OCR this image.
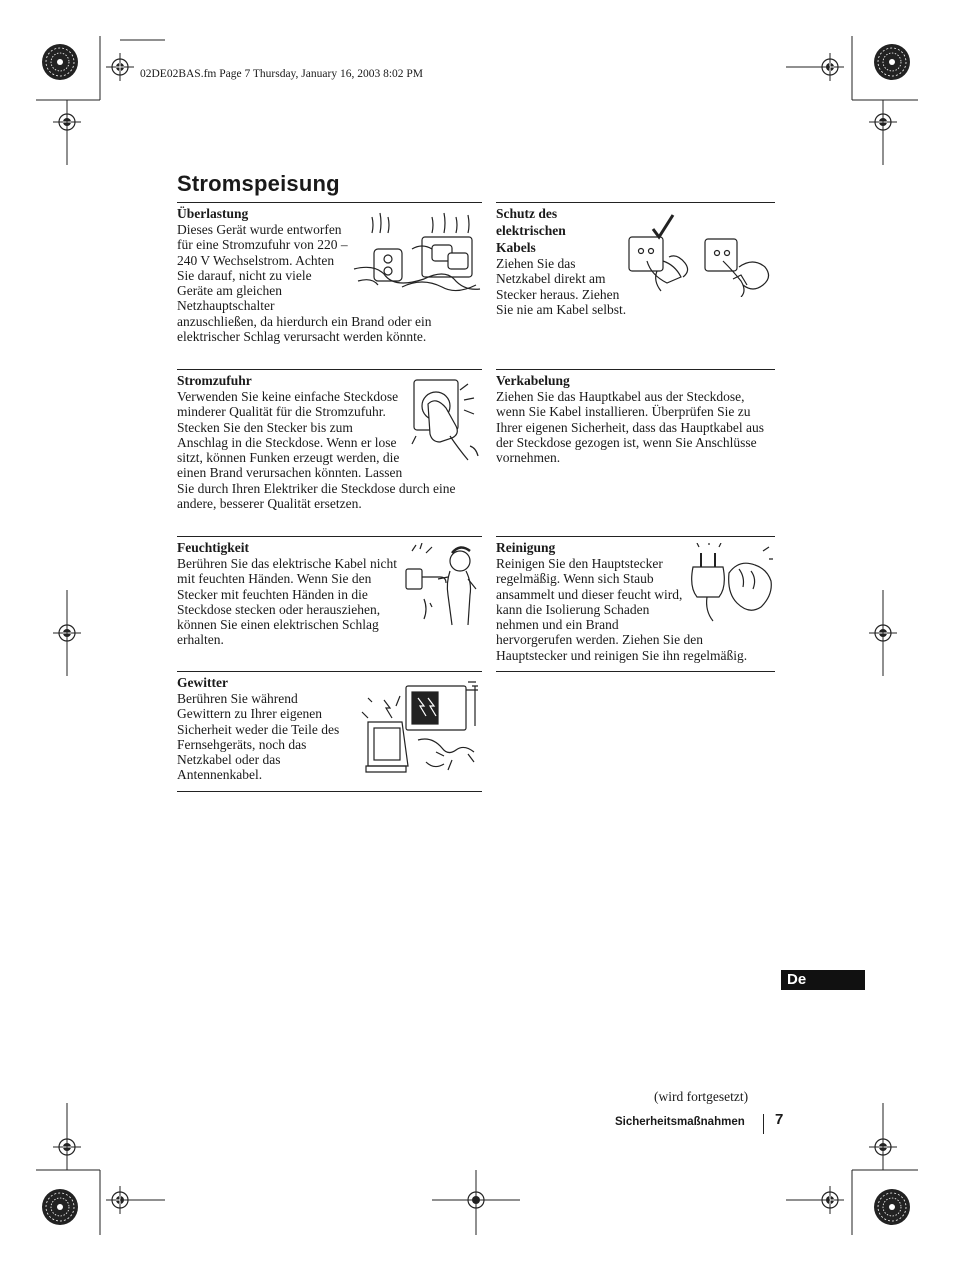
02DE02BAS.fm Page 7 Thursday, January 16, 2003 8:02 PM
Stromspeisung
Überlastung

Dieses Gerät wurde entworfen für eine Stromzufuhr von 220 – 240 V Wechselstrom. Achten Sie darauf, nicht zu viele Geräte am gleichen Netzhauptschalter anzuschließen, da hierdurch ein Brand oder ein elektrischer Schlag verursacht werden könnte.

Schutz des elektrischen Kabels

Ziehen Sie das Netzkabel direkt am Stecker heraus. Ziehen Sie nie am Kabel selbst.

Stromzufuhr

Verwenden Sie keine einfache Steckdose minderer Qualität für die Stromzufuhr. Stecken Sie den Stecker bis zum Anschlag in die Steckdose. Wenn er lose sitzt, können Funken erzeugt werden, die einen Brand verursachen könnten. Lassen Sie durch Ihren Elektriker die Steckdose durch eine andere, besserer Qualität ersetzen.

Verkabelung

Ziehen Sie das Hauptkabel aus der Steckdose, wenn Sie Kabel installieren. Überprüfen Sie zu Ihrer eigenen Sicherheit, dass das Hauptkabel aus der Steckdose gezogen ist, wenn Sie Anschlüsse vornehmen.

Feuchtigkeit

Berühren Sie das elektrische Kabel nicht mit feuchten Händen. Wenn Sie den Stecker mit feuchten Händen in die Steckdose stecken oder herausziehen, können Sie einen elektrischen Schlag erhalten.

Reinigung

Reinigen Sie den Hauptstecker regelmäßig. Wenn sich Staub ansammelt und dieser feucht wird, kann die Isolierung Schaden nehmen und ein Brand hervorgerufen werden. Ziehen Sie den Hauptstecker und reinigen Sie ihn regelmäßig.

Gewitter

Berühren Sie während Gewittern zu Ihrer eigenen Sicherheit weder die Teile des Fernsehgeräts, noch das Netzkabel oder das Antennenkabel.

De
(wird fortgesetzt)
Sicherheitsmaßnahmen 7
